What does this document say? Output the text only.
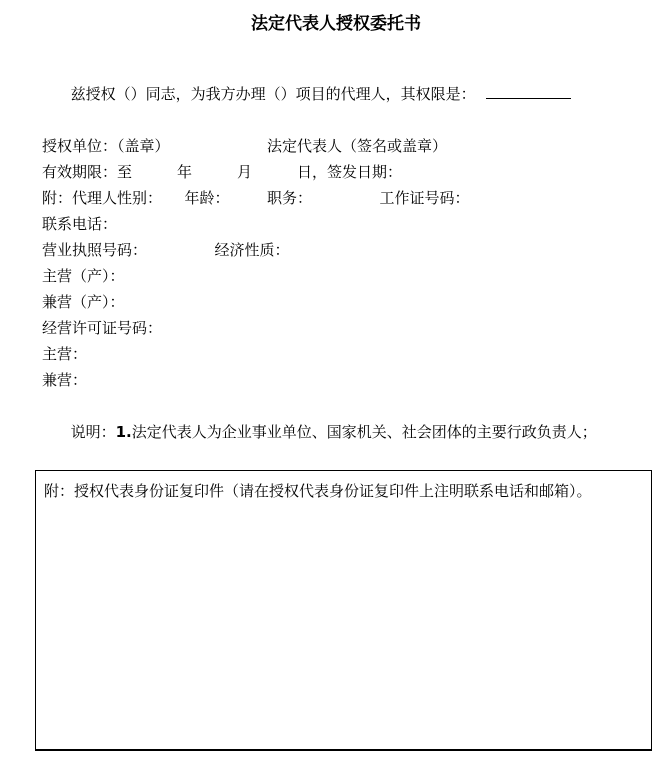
法定代表人授权委托书

兹授权（）同志，为我方办理（）项目的代理人，其权限是：

授权单位：（盖章）　　　　　　　法定代表人（签名或盖章）
有效期限：至　　　年　　　月　　　日，签发日期：
附：代理人性别：　　年龄：　　　职务：　　　　　工作证号码：
联系电话：
营业执照号码：　　　　　经济性质：
主营（产）：
兼营（产）：
经营许可证号码：
主营：
兼营：

说明：1.法定代表人为企业事业单位、国家机关、社会团体的主要行政负责人；

附：授权代表身份证复印件（请在授权代表身份证复印件上注明联系电话和邮箱）。
